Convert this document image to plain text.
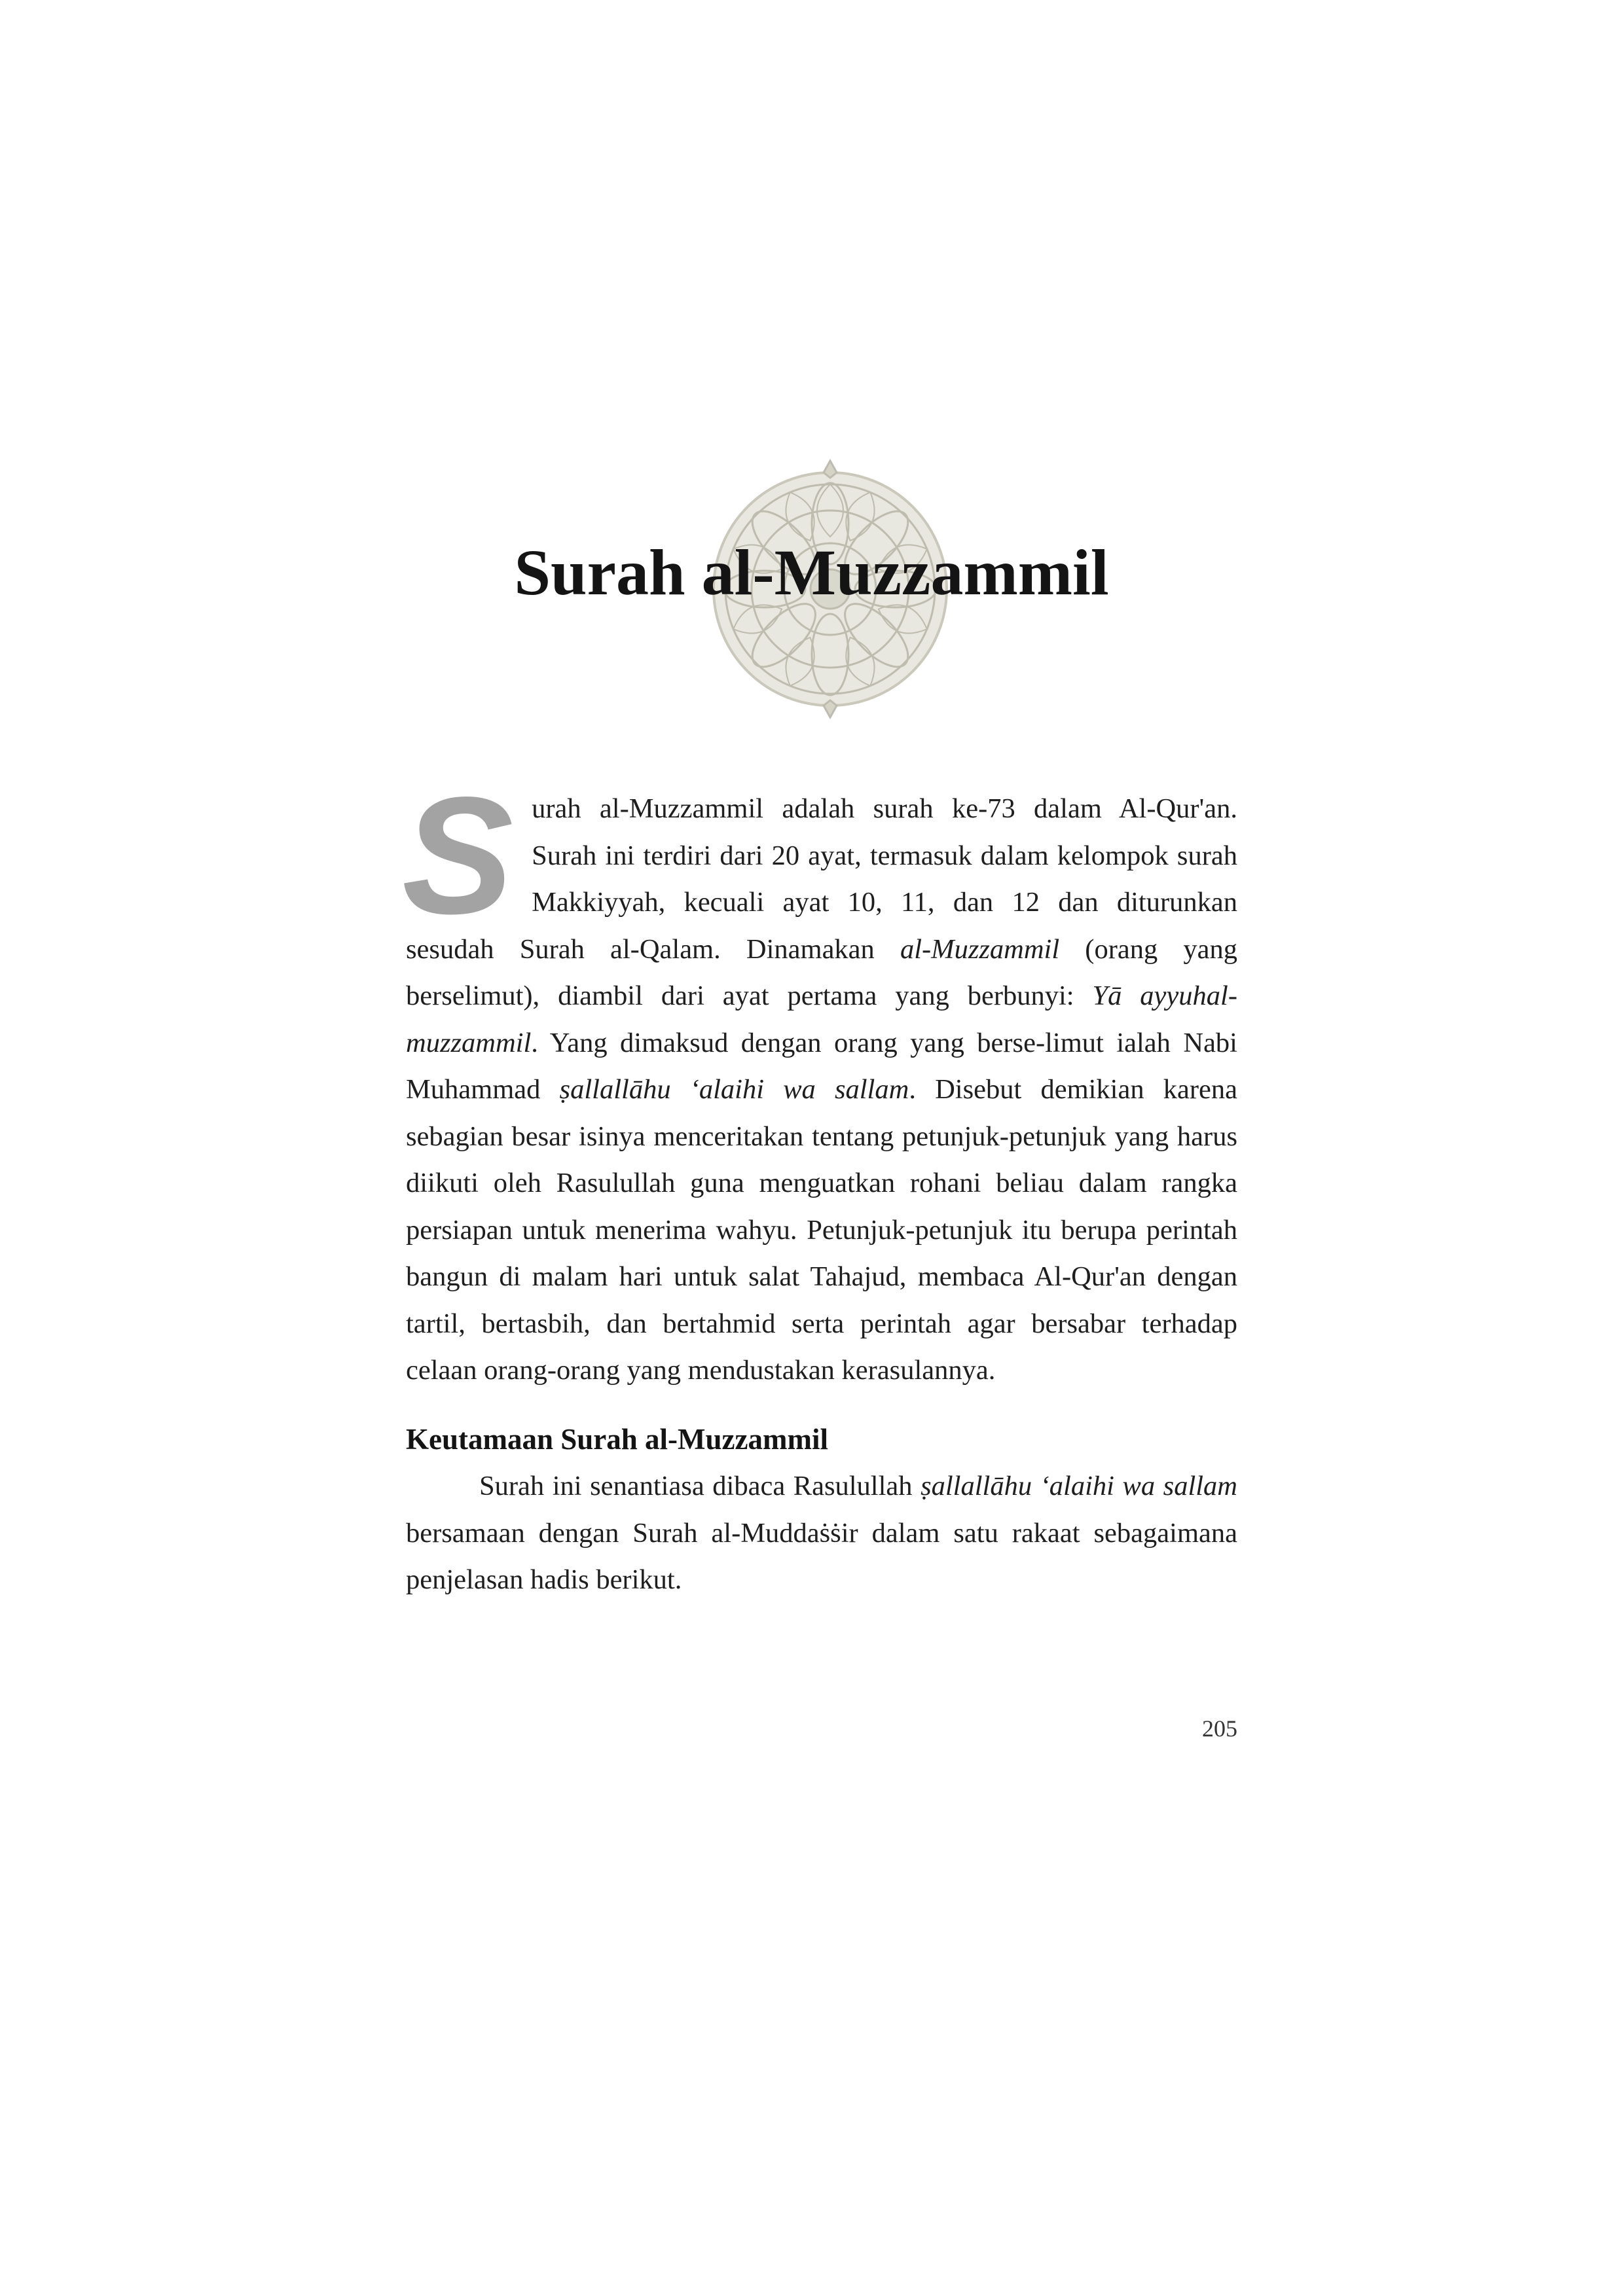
Surah al-Muzzammil

Surah al-Muzzammil adalah surah ke-73 dalam Al-Qur'an. Surah ini terdiri dari 20 ayat, termasuk dalam kelompok surah Makkiyyah, kecuali ayat 10, 11, dan 12 dan diturunkan sesudah Surah al-Qalam. Dinamakan al-Muzzammil (orang yang berselimut), diambil dari ayat pertama yang berbunyi: Yā ayyuhal-muzzammil. Yang dimaksud dengan orang yang berse-limut ialah Nabi Muhammad ṣallallāhu ‘alaihi wa sallam. Disebut demikian karena sebagian besar isinya menceritakan tentang petunjuk-petunjuk yang harus diikuti oleh Rasulullah guna menguatkan rohani beliau dalam rangka persiapan untuk menerima wahyu. Petunjuk-petunjuk itu berupa perintah bangun di malam hari untuk salat Tahajud, membaca Al-Qur'an dengan tartil, bertasbih, dan bertahmid serta perintah agar bersabar terhadap celaan orang-orang yang mendustakan kerasulannya.

Keutamaan Surah al-Muzzammil

Surah ini senantiasa dibaca Rasulullah ṣallallāhu ‘alaihi wa sallam bersamaan dengan Surah al-Muddaṡṡir dalam satu rakaat sebagaimana penjelasan hadis berikut.

205
